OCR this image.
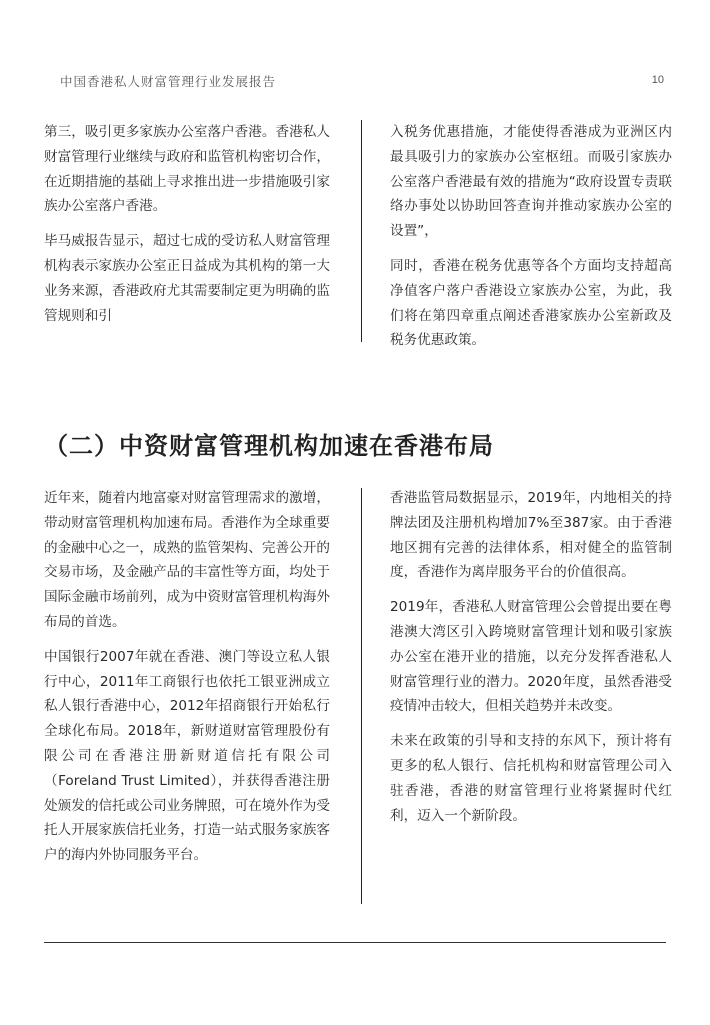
中国香港私人财富管理行业发展报告	10

第三，吸引更多家族办公室落户香港。香港私人财富管理行业继续与政府和监管机构密切合作，在近期措施的基础上寻求推出进一步措施吸引家族办公室落户香港。

毕马威报告显示，超过七成的受访私人财富管理机构表示家族办公室正日益成为其机构的第一大业务来源，香港政府尤其需要制定更为明确的监管规则和引

入税务优惠措施，才能使得香港成为亚洲区内最具吸引力的家族办公室枢纽。而吸引家族办公室落户香港最有效的措施为“政府设置专责联络办事处以协助回答查询并推动家族办公室的设置”，

同时，香港在税务优惠等各个方面均支持超高净值客户落户香港设立家族办公室，为此，我们将在第四章重点阐述香港家族办公室新政及税务优惠政策。

（二）中资财富管理机构加速在香港布局

近年来，随着内地富豪对财富管理需求的激增，带动财富管理机构加速布局。香港作为全球重要的金融中心之一，成熟的监管架构、完善公开的交易市场，及金融产品的丰富性等方面，均处于国际金融市场前列，成为中资财富管理机构海外布局的首选。

中国银行2007年就在香港、澳门等设立私人银行中心，2011年工商银行也依托工银亚洲成立私人银行香港中心，2012年招商银行开始私行全球化布局。2018年，新财道财富管理股份有限公司在香港注册新财道信托有限公司（Foreland Trust Limited），并获得香港注册处颁发的信托或公司业务牌照，可在境外作为受托人开展家族信托业务，打造一站式服务家族客户的海内外协同服务平台。

香港监管局数据显示，2019年，内地相关的持牌法团及注册机构增加7%至387家。由于香港地区拥有完善的法律体系，相对健全的监管制度，香港作为离岸服务平台的价值很高。

2019年，香港私人财富管理公会曾提出要在粤港澳大湾区引入跨境财富管理计划和吸引家族办公室在港开业的措施，以充分发挥香港私人财富管理行业的潜力。2020年度，虽然香港受疫情冲击较大，但相关趋势并未改变。

未来在政策的引导和支持的东风下，预计将有更多的私人银行、信托机构和财富管理公司入驻香港，香港的财富管理行业将紧握时代红利，迈入一个新阶段。
